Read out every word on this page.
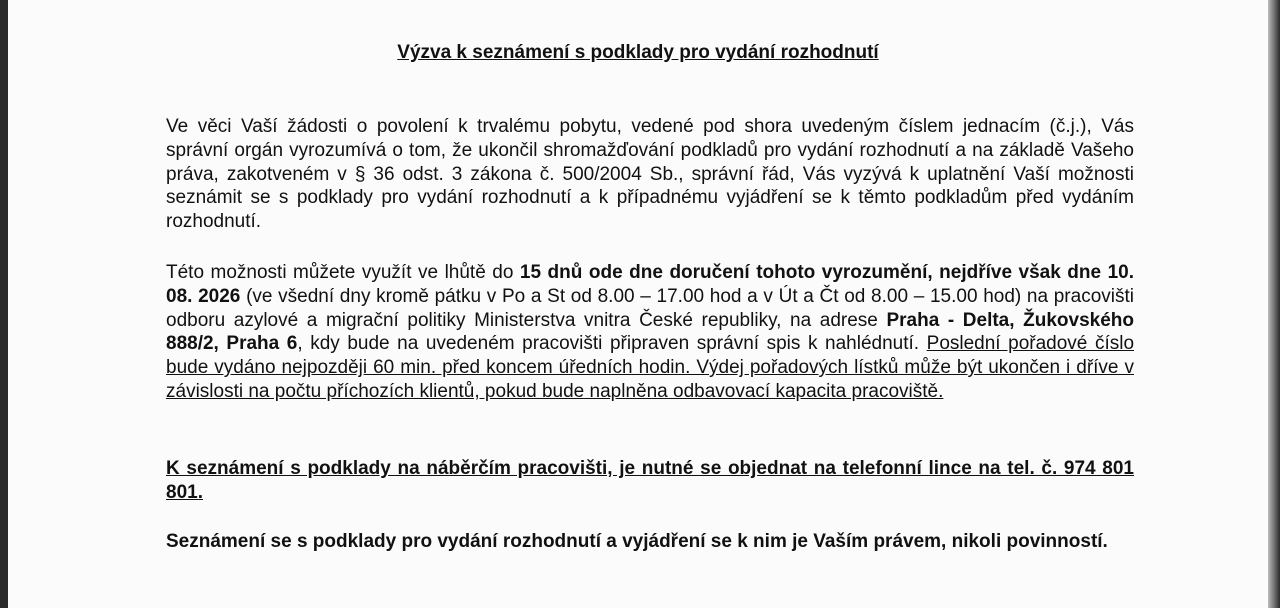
Výzva k seznámení s podklady pro vydání rozhodnutí
Ve věci Vaší žádosti o povolení k trvalému pobytu, vedené pod shora uvedeným číslem jednacím (č.j.), Vás správní orgán vyrozumívá o tom, že ukončil shromažďování podkladů pro vydání rozhodnutí a na základě Vašeho práva, zakotveném v § 36 odst. 3 zákona č. 500/2004 Sb., správní řád, Vás vyzývá k uplatnění Vaší možnosti seznámit se s podklady pro vydání rozhodnutí a k případnému vyjádření se k těmto podkladům před vydáním rozhodnutí.
Této možnosti můžete využít ve lhůtě do 15 dnů ode dne doručení tohoto vyrozumění, nejdříve však dne 10. 08. 2026 (ve všední dny kromě pátku v Po a St od 8.00 – 17.00 hod a v Út a Čt od 8.00 – 15.00 hod) na pracovišti odboru azylové a migrační politiky Ministerstva vnitra České republiky, na adrese Praha - Delta, Žukovského 888/2, Praha 6, kdy bude na uvedeném pracovišti připraven správní spis k nahlédnutí. Poslední pořadové číslo bude vydáno nejpozději 60 min. před koncem úředních hodin. Výdej pořadových lístků může být ukončen i dříve v závislosti na počtu příchozích klientů, pokud bude naplněna odbavovací kapacita pracoviště.
K seznámení s podklady na náběrčím pracovišti, je nutné se objednat na telefonní lince na tel. č. 974 801 801.
Seznámení se s podklady pro vydání rozhodnutí a vyjádření se k nim je Vaším právem, nikoli povinností.
